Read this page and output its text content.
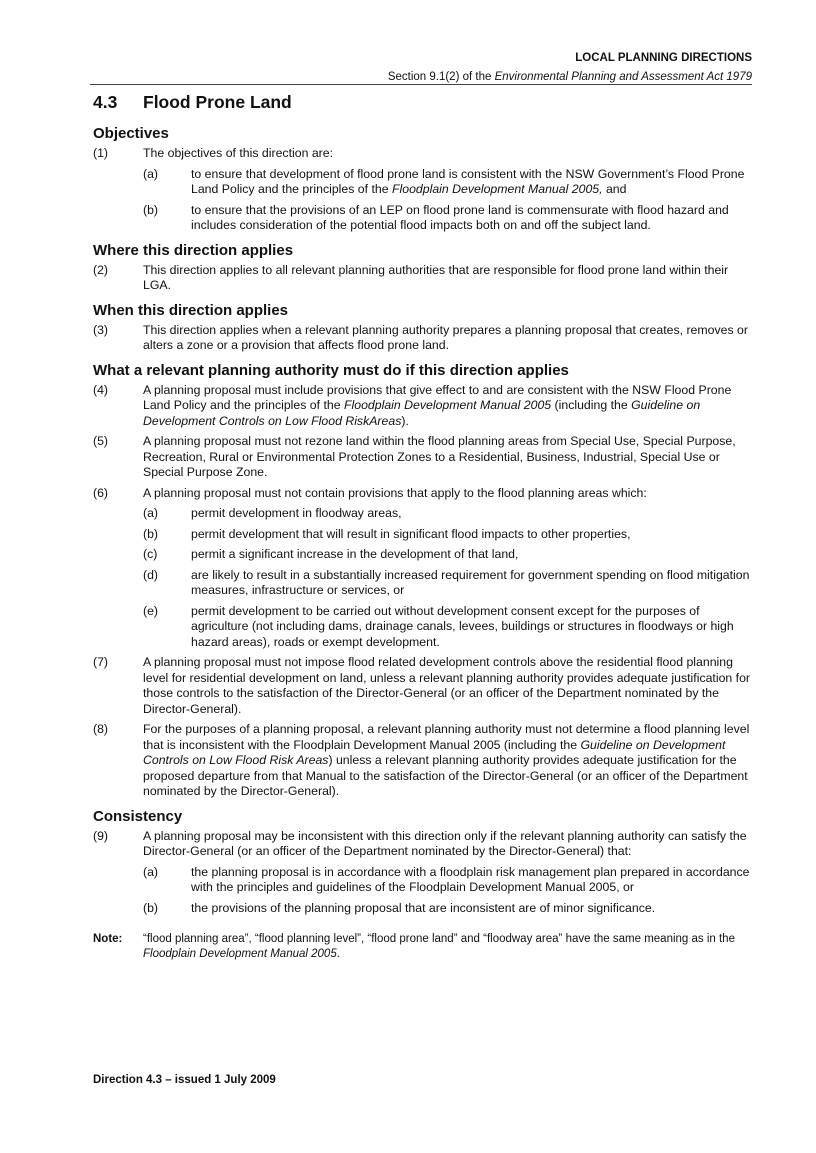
LOCAL PLANNING DIRECTIONS
Section 9.1(2) of the Environmental Planning and Assessment Act 1979
4.3	Flood Prone Land
Objectives
(1)	The objectives of this direction are:
(a)	to ensure that development of flood prone land is consistent with the NSW Government’s Flood Prone Land Policy and the principles of the Floodplain Development Manual 2005, and
(b)	to ensure that the provisions of an LEP on flood prone land is commensurate with flood hazard and includes consideration of the potential flood impacts both on and off the subject land.
Where this direction applies
(2)	This direction applies to all relevant planning authorities that are responsible for flood prone land within their LGA.
When this direction applies
(3)	This direction applies when a relevant planning authority prepares a planning proposal that creates, removes or alters a zone or a provision that affects flood prone land.
What a relevant planning authority must do if this direction applies
(4)	A planning proposal must include provisions that give effect to and are consistent with the NSW Flood Prone Land Policy and the principles of the Floodplain Development Manual 2005 (including the Guideline on Development Controls on Low Flood RiskAreas).
(5)	A planning proposal must not rezone land within the flood planning areas from Special Use, Special Purpose, Recreation, Rural or Environmental Protection Zones to a Residential, Business, Industrial, Special Use or Special Purpose Zone.
(6)	A planning proposal must not contain provisions that apply to the flood planning areas which:
(a)	permit development in floodway areas,
(b)	permit development that will result in significant flood impacts to other properties,
(c)	permit a significant increase in the development of that land,
(d)	are likely to result in a substantially increased requirement for government spending on flood mitigation measures, infrastructure or services, or
(e)	permit development to be carried out without development consent except for the purposes of agriculture (not including dams, drainage canals, levees, buildings or structures in floodways or high hazard areas), roads or exempt development.
(7)	A planning proposal must not impose flood related development controls above the residential flood planning level for residential development on land, unless a relevant planning authority provides adequate justification for those controls to the satisfaction of the Director-General (or an officer of the Department nominated by the Director-General).
(8)	For the purposes of a planning proposal, a relevant planning authority must not determine a flood planning level that is inconsistent with the Floodplain Development Manual 2005 (including the Guideline on Development Controls on Low Flood Risk Areas) unless a relevant planning authority provides adequate justification for the proposed departure from that Manual to the satisfaction of the Director-General (or an officer of the Department nominated by the Director-General).
Consistency
(9)	A planning proposal may be inconsistent with this direction only if the relevant planning authority can satisfy the Director-General (or an officer of the Department nominated by the Director-General) that:
(a)	the planning proposal is in accordance with a floodplain risk management plan prepared in accordance with the principles and guidelines of the Floodplain Development Manual 2005, or
(b)	the provisions of the planning proposal that are inconsistent are of minor significance.
Note:	“flood planning area”, “flood planning level”, “flood prone land” and “floodway area” have the same meaning as in the Floodplain Development Manual 2005.
Direction 4.3 – issued 1 July 2009
